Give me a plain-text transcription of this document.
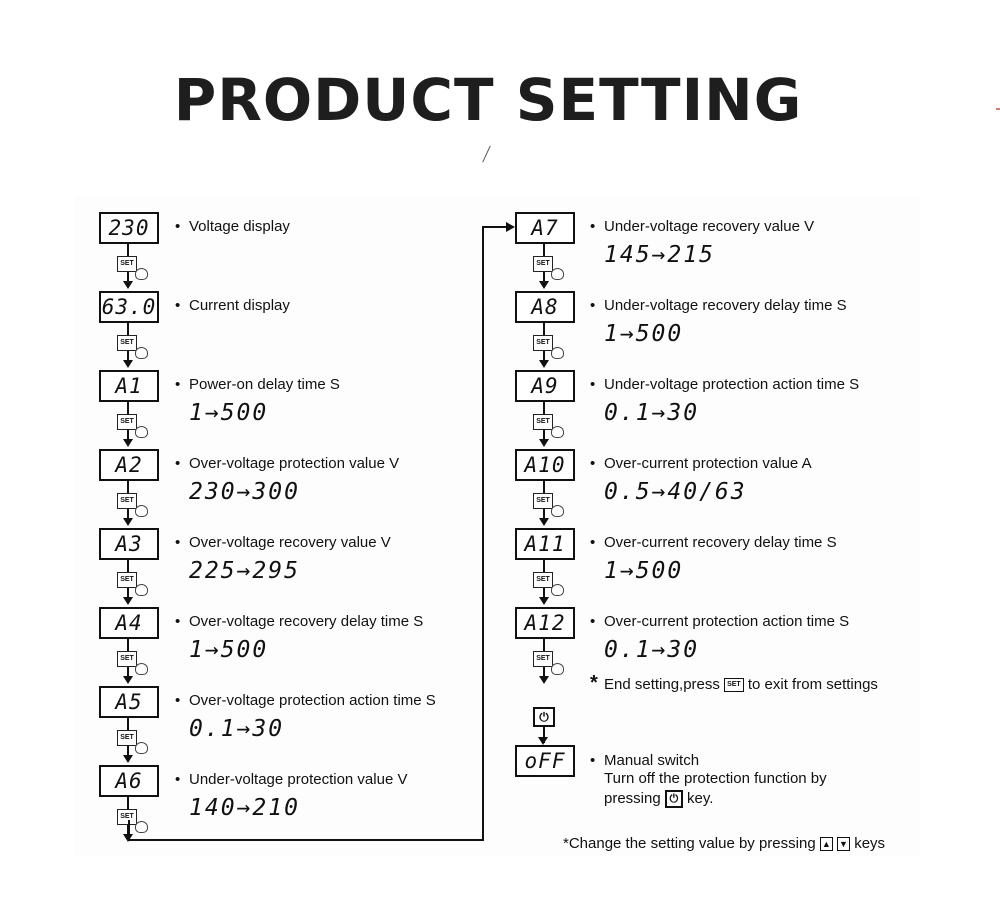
PRODUCT SETTING
230	• Voltage display
SET
63.0 • Current display
SET
A1	• Power-on delay time S
1→500
SET
A2	• Over-voltage protection value V
230→300
SET
A3	• Over-voltage recovery value V
225→295
SET
A4	• Over-voltage recovery delay time S
1→500
SET
A5	• Over-voltage protection action time S
0.1→30
SET
A6	• Under-voltage protection value V
140→210
SET
A7	• Under-voltage recovery value V
145→215
SET
A8	• Under-voltage recovery delay time S
1→500
SET
A9	• Under-voltage protection action time S
0.1→30
SET
A10	• Over-current protection value A
0.5→40/63
SET
A11	• Over-current recovery delay time S
1→500
SET
A12	• Over-current protection action time S
0.1→30
SET
⏻
* End setting,press SET to exit from settings
oFF	• Manual switch
Turn off the protection function by
pressing ⏻ key.
*Change the setting value by pressing ▲ ▼ keys
